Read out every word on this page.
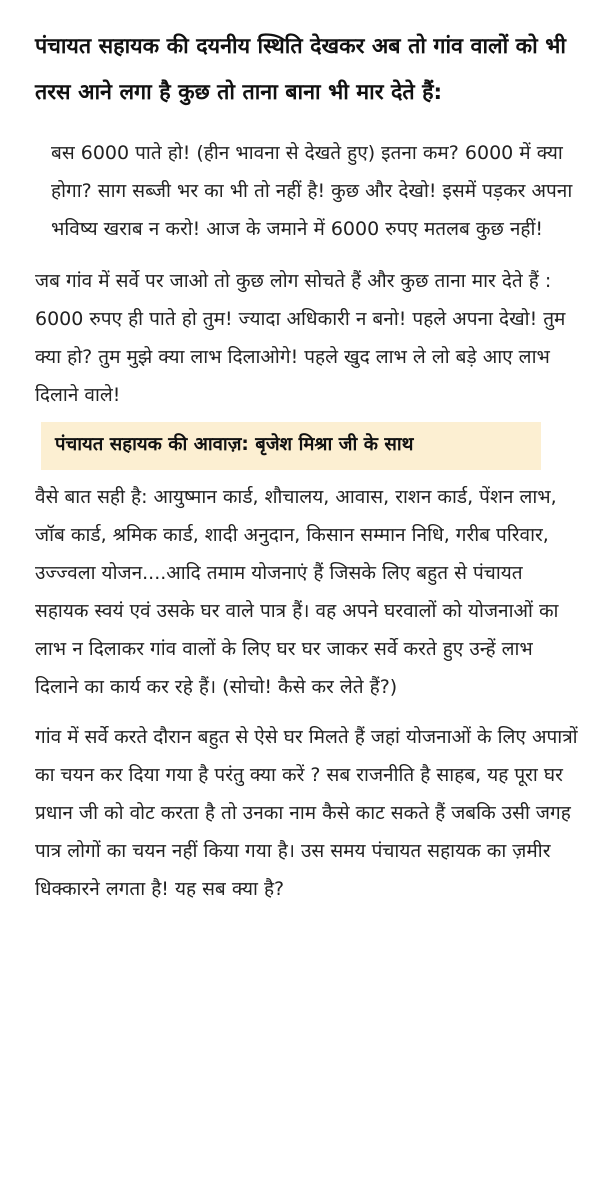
पंचायत सहायक की दयनीय स्थिति देखकर अब तो गांव वालों को भी तरस आने लगा है कुछ तो ताना बाना भी मार देते हैं:

बस 6000 पाते हो! (हीन भावना से देखते हुए) इतना कम? 6000 में क्या होगा? साग सब्जी भर का भी तो नहीं है! कुछ और देखो! इसमें पड़कर अपना भविष्य खराब न करो! आज के जमाने में 6000 रुपए मतलब कुछ नहीं!

जब गांव में सर्वे पर जाओ तो कुछ लोग सोचते हैं और कुछ ताना मार देते हैं : 6000 रुपए ही पाते हो तुम! ज्यादा अधिकारी न बनो! पहले अपना देखो! तुम क्या हो? तुम मुझे क्या लाभ दिलाओगे! पहले खुद लाभ ले लो बड़े आए लाभ दिलाने वाले!

पंचायत सहायक की आवाज़: बृजेश मिश्रा जी के साथ

वैसे बात सही है: आयुष्मान कार्ड, शौचालय, आवास, राशन कार्ड, पेंशन लाभ, जॉब कार्ड, श्रमिक कार्ड, शादी अनुदान, किसान सम्मान निधि, गरीब परिवार, उज्ज्वला योजन....आदि तमाम योजनाएं हैं जिसके लिए बहुत से पंचायत सहायक स्वयं एवं उसके घर वाले पात्र हैं। वह अपने घरवालों को योजनाओं का लाभ न दिलाकर गांव वालों के लिए घर घर जाकर सर्वे करते हुए उन्हें लाभ दिलाने का कार्य कर रहे हैं। (सोचो! कैसे कर लेते हैं?)

गांव में सर्वे करते दौरान बहुत से ऐसे घर मिलते हैं जहां योजनाओं के लिए अपात्रों का चयन कर दिया गया है परंतु क्या करें ? सब राजनीति है साहब, यह पूरा घर प्रधान जी को वोट करता है तो उनका नाम कैसे काट सकते हैं जबकि उसी जगह पात्र लोगों का चयन नहीं किया गया है। उस समय पंचायत सहायक का ज़मीर धिक्कारने लगता है! यह सब क्या है?
